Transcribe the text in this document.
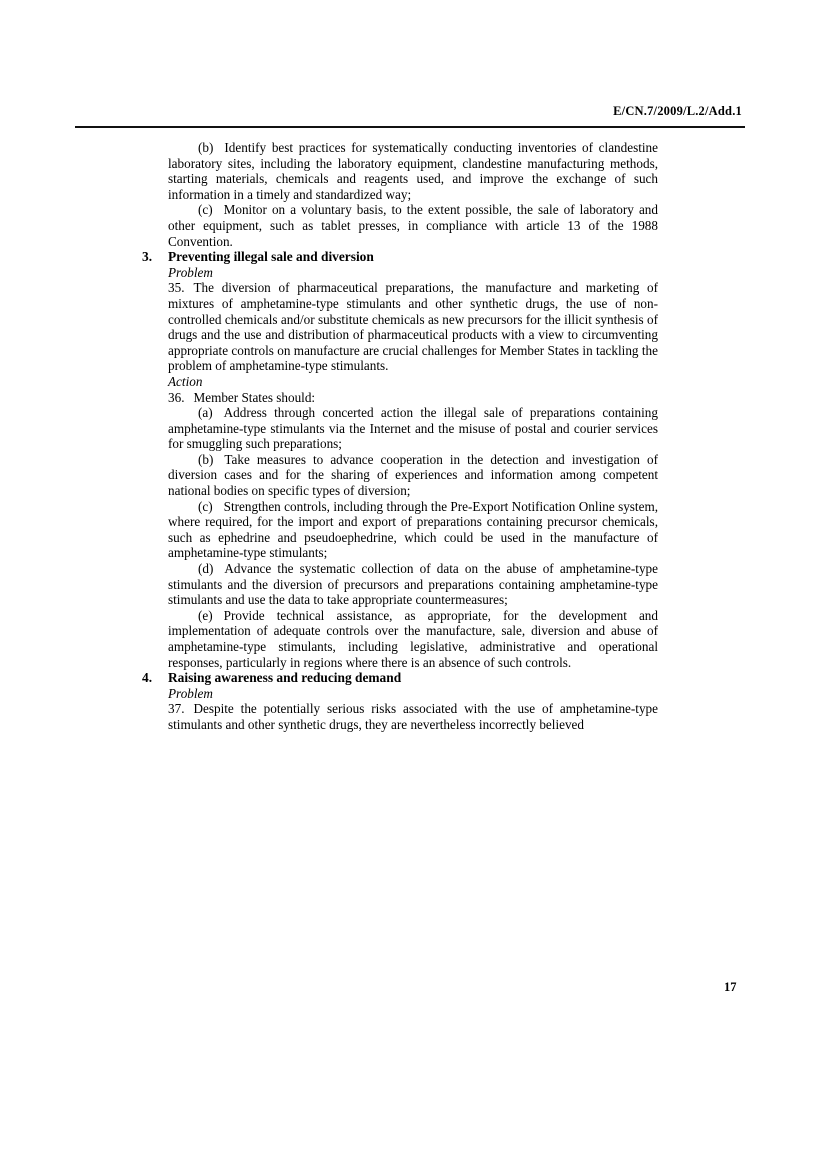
E/CN.7/2009/L.2/Add.1

(b) Identify best practices for systematically conducting inventories of clandestine laboratory sites, including the laboratory equipment, clandestine manufacturing methods, starting materials, chemicals and reagents used, and improve the exchange of such information in a timely and standardized way;

(c) Monitor on a voluntary basis, to the extent possible, the sale of laboratory and other equipment, such as tablet presses, in compliance with article 13 of the 1988 Convention.

3. Preventing illegal sale and diversion

Problem

35. The diversion of pharmaceutical preparations, the manufacture and marketing of mixtures of amphetamine-type stimulants and other synthetic drugs, the use of non-controlled chemicals and/or substitute chemicals as new precursors for the illicit synthesis of drugs and the use and distribution of pharmaceutical products with a view to circumventing appropriate controls on manufacture are crucial challenges for Member States in tackling the problem of amphetamine-type stimulants.

Action

36. Member States should:

(a) Address through concerted action the illegal sale of preparations containing amphetamine-type stimulants via the Internet and the misuse of postal and courier services for smuggling such preparations;

(b) Take measures to advance cooperation in the detection and investigation of diversion cases and for the sharing of experiences and information among competent national bodies on specific types of diversion;

(c) Strengthen controls, including through the Pre-Export Notification Online system, where required, for the import and export of preparations containing precursor chemicals, such as ephedrine and pseudoephedrine, which could be used in the manufacture of amphetamine-type stimulants;

(d) Advance the systematic collection of data on the abuse of amphetamine-type stimulants and the diversion of precursors and preparations containing amphetamine-type stimulants and use the data to take appropriate countermeasures;

(e) Provide technical assistance, as appropriate, for the development and implementation of adequate controls over the manufacture, sale, diversion and abuse of amphetamine-type stimulants, including legislative, administrative and operational responses, particularly in regions where there is an absence of such controls.

4. Raising awareness and reducing demand

Problem

37. Despite the potentially serious risks associated with the use of amphetamine-type stimulants and other synthetic drugs, they are nevertheless incorrectly believed

17
